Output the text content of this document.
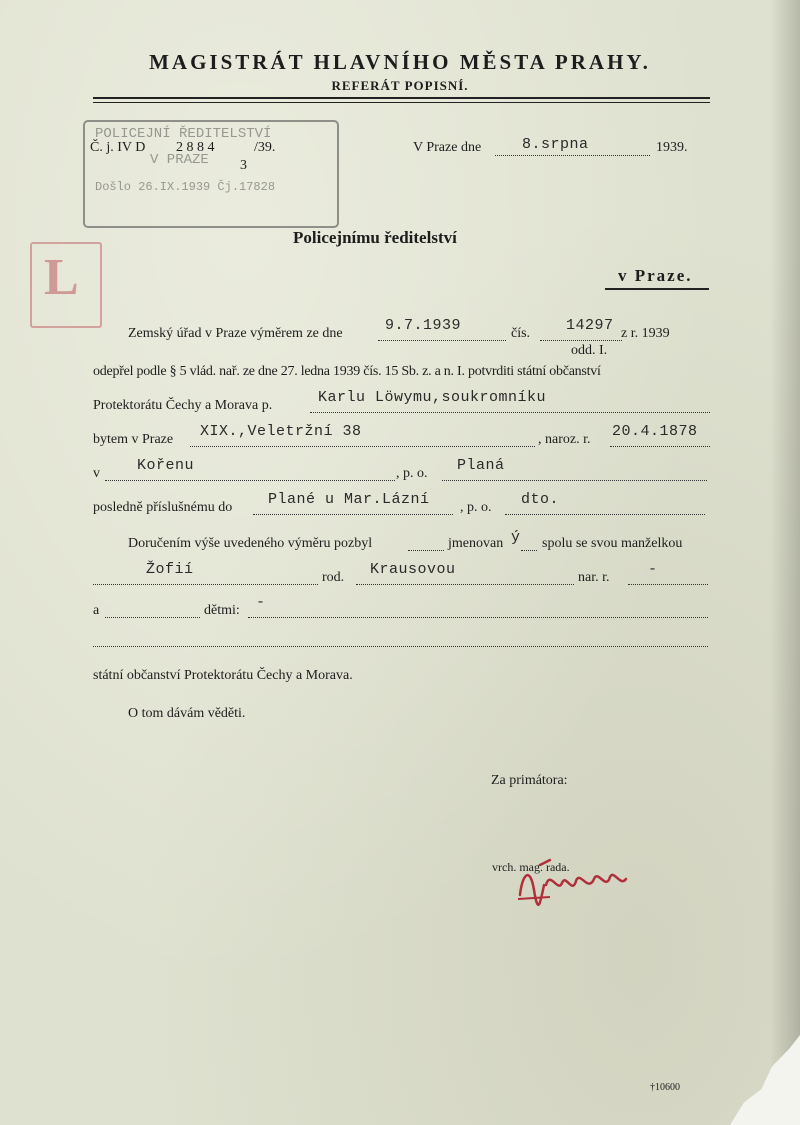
MAGISTRÁT HLAVNÍHO MĚSTA PRAHY.
REFERÁT POPISNÍ.
POLICEJNÍ ŘEDITELSTVÍ
V PRAZE
Došlo 26.IX.1939 Čj.17828
Č. j. IV D 2 8 8 4	/39.
3
V Praze dne	8.srpna	1939.
L
Policejnímu ředitelství
v Praze.
Zemský úřad v Praze výměrem ze dne	9.7.1939	čís. 14297 z r. 1939
odd. I.
odepřel podle § 5 vlád. nař. ze dne 27. ledna 1939 čís. 15 Sb. z. a n. I. potvrditi státní občanství
Protektorátu Čechy a Morava p.	Karlu Löwymu,soukromníku
bytem v Praze XIX.,Veletržní 38	, naroz. r. 20.4.1878
v Kořenu	, p. o. Planá
posledně příslušnému do Plané u Mar.Lázní , p. o. dto.
Doručením výše uvedeného výměru pozbyl	jmenovan ý spolu se svou manželkou
Žofií	rod. Krausovou	nar. r.	-
a	dětmi: -
státní občanství Protektorátu Čechy a Morava.
O tom dávám věděti.
Za primátora:
vrch. mag. rada.
†10600
